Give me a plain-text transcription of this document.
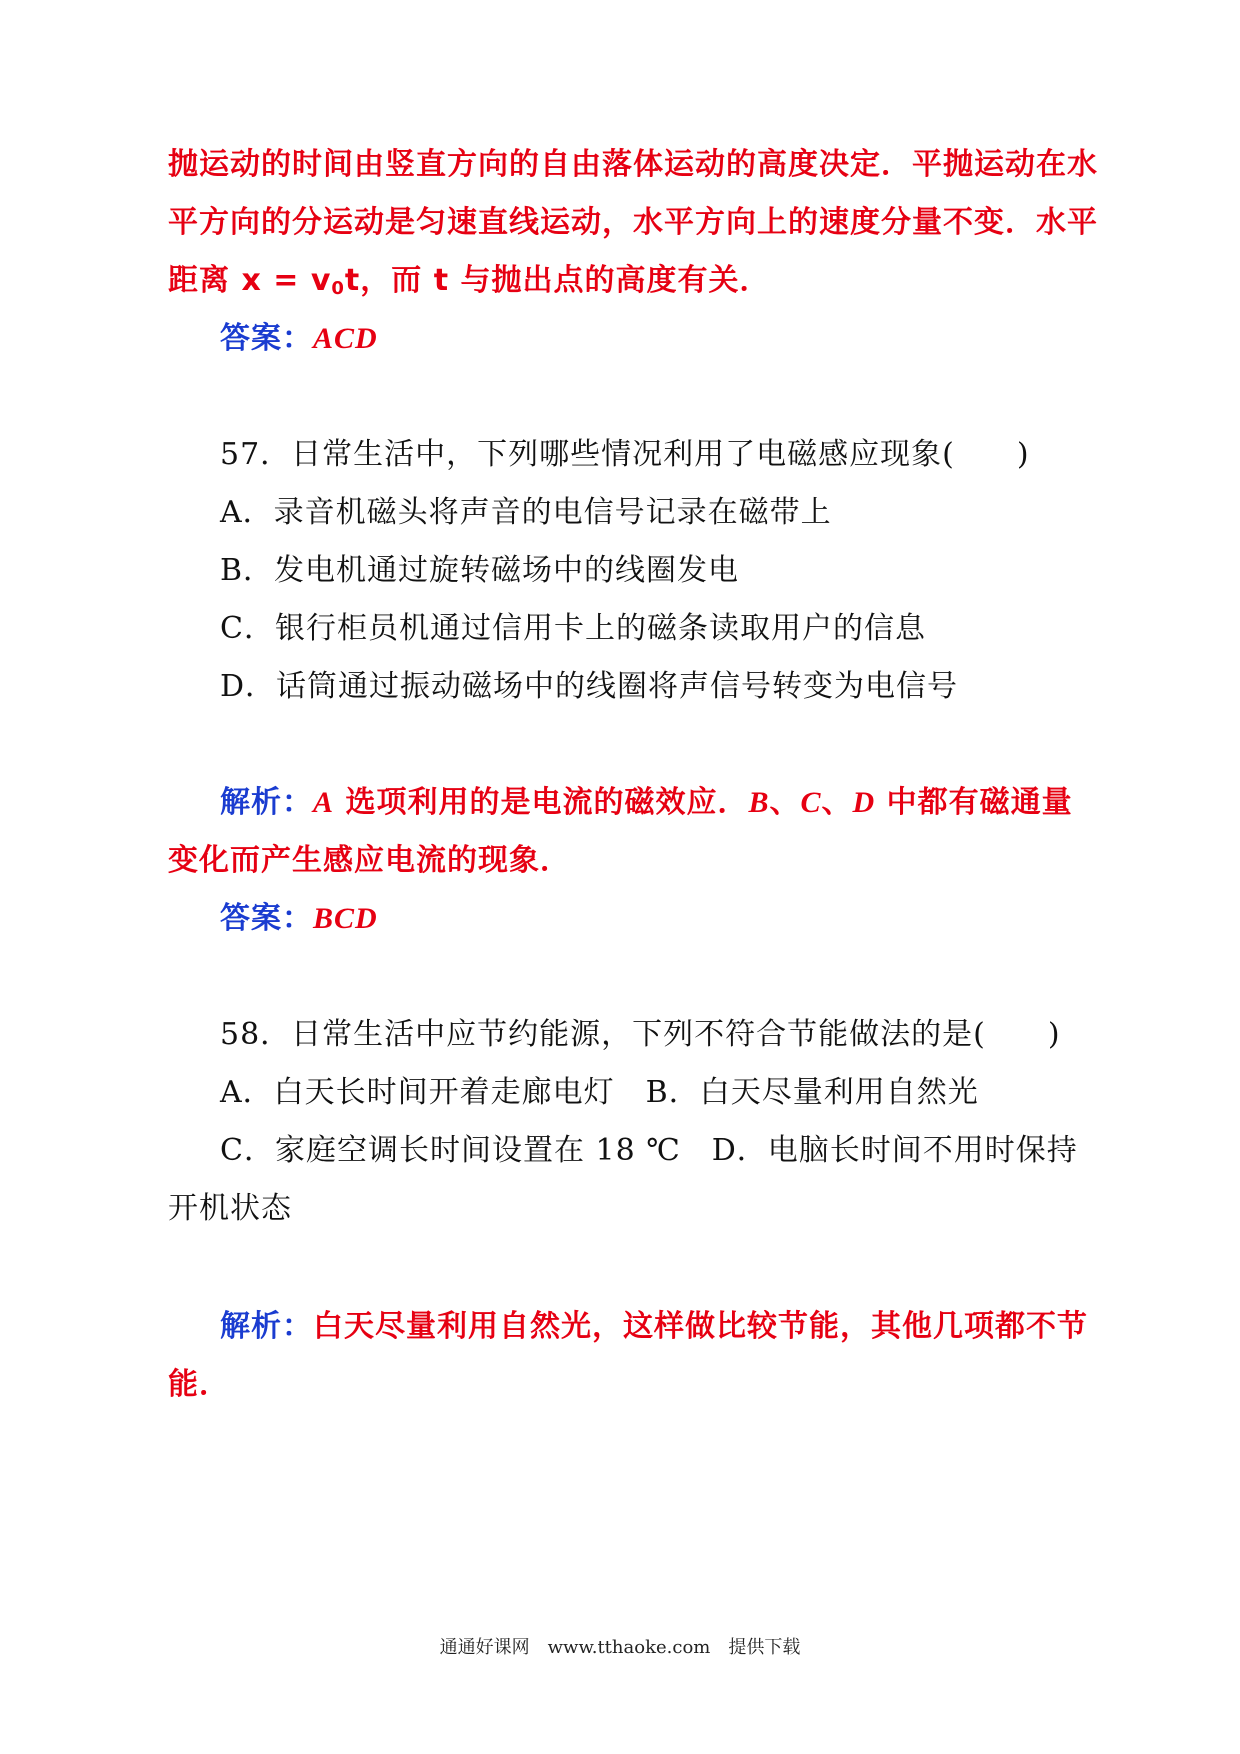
抛运动的时间由竖直方向的自由落体运动的高度决定．平抛运动在水
平方向的分运动是匀速直线运动，水平方向上的速度分量不变．水平
距离 $x = v_0t$，而 t 与抛出点的高度有关．
答案：ACD
57．日常生活中，下列哪些情况利用了电磁感应现象(　　)
A．录音机磁头将声音的电信号记录在磁带上
B．发电机通过旋转磁场中的线圈发电
C．银行柜员机通过信用卡上的磁条读取用户的信息
D．话筒通过振动磁场中的线圈将声信号转变为电信号
解析：A 选项利用的是电流的磁效应．B、C、D 中都有磁通量
变化而产生感应电流的现象．
答案：BCD
58．日常生活中应节约能源，下列不符合节能做法的是(　　)
A．白天长时间开着走廊电灯　B．白天尽量利用自然光
C．家庭空调长时间设置在 18 ℃　D．电脑长时间不用时保持
开机状态
解析：白天尽量利用自然光，这样做比较节能，其他几项都不节
能．
通通好课网　www.tthaoke.com　提供下载
